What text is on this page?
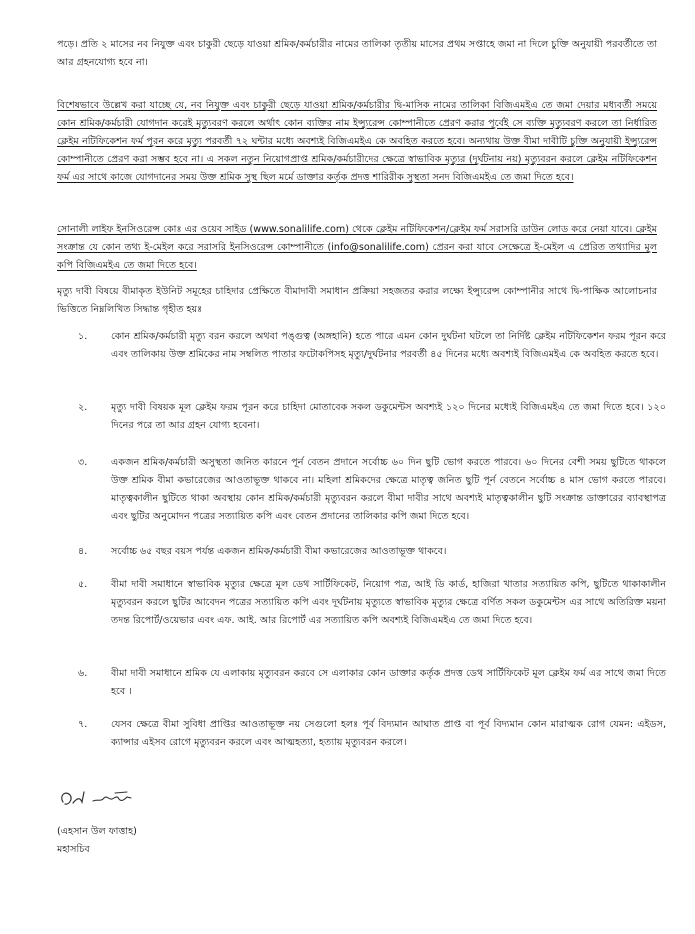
পড়ে। প্রতি ২ মাসের নব নিযুক্ত এবং চাকুরী ছেড়ে যাওয়া শ্রমিক/কর্মচারীর নামের তালিকা তৃতীয় মাসের প্রথম সপ্তাহে জমা না দিলে চুক্তি অনুযায়ী পরবর্তীতে তা আর গ্রহনযোগ্য হবে না।

বিশেষভাবে উল্লেখ করা যাচ্ছে যে, নব নিযুক্ত এবং চাকুরী ছেড়ে যাওয়া শ্রমিক/কর্মচারীর দ্বি-মাসিক নামের তালিকা বিজিএমইএ তে জমা দেয়ার মধ্যবর্তী সময়ে কোন শ্রমিক/কর্মচারী যোগদান করেই মৃত্যুবরণ করলে অর্থাৎ কোন ব্যক্তির নাম ইন্স্যুরেন্স কোম্পানীতে প্রেরণ করার পূর্বেই সে ব্যক্তি মৃত্যুবরণ করলে তা নির্ধারিত ক্লেইম নটিফিকেশন ফর্ম পূরন করে মৃত্যু পরবর্তী ৭২ ঘন্টার মধ্যে অবশ্যই বিজিএমইএ কে অবহিত করতে হবে। অন্যথায় উক্ত বীমা দাবীটি চুক্তি অনুযায়ী ইন্স্যুরেন্স কোম্পানীতে প্রেরণ করা সম্ভব হবে না। এ সকল নতুন নিয়োগপ্রাপ্ত শ্রমিক/কর্মচারীদের ক্ষেত্রে স্বাভাবিক মৃত্যুর (দূর্ঘটনায় নয়) মৃত্যুবরন করলে ক্লেইম নটিফিকেশন ফর্ম এর সাথে কাজে যোগদানের সময় উক্ত শ্রমিক সুস্থ ছিল মর্মে ডাক্তার কর্তৃক প্রদত্ত শারিরীক সুস্থতা সনদ বিজিএমইএ তে জমা দিতে হবে।

সোনালী লাইফ ইনসিওরেন্স কোঃ এর ওয়েব সাইড (www.sonalilife.com) থেকে ক্লেইম নটিফিকেশন/ক্লেইম ফর্ম সরাসরি ডাউন লোড করে নেয়া যাবে। ক্লেইম সংক্রান্ত যে কোন তথ্য ই-মেইল করে সরাসরি ইনসিওরেন্স কোম্পানীতে (info@sonalilife.com) প্রেরন করা যাবে সেক্ষেত্রে ই-মেইল এ প্রেরিত তথ্যাদির মূল কপি বিজিএমইএ তে জমা দিতে হবে।

মৃত্যু দাবী বিষয়ে বীমাকৃত ইউনিট সমূহের চাহিদার প্রেক্ষিতে বীমাদাবী সমাধান প্রক্রিয়া সহজতর করার লক্ষ্যে ইন্স্যুরেন্স কোম্পানীর সাথে দ্বি-পাক্ষিক আলোচনার ভিত্তিতে নিম্নলিখিত সিদ্ধান্ত গৃহীত হয়ঃ

১.	কোন শ্রমিক/কর্মচারী মৃত্যু বরন করলে অথবা পঙ্গুত্ব (অঙ্গহানি) হতে পারে এমন কোন দুর্ঘটনা ঘটলে তা নির্দিষ্ট ক্লেইম নটিফিকেশন ফরম পূরন করে এবং তালিকায় উক্ত শ্রমিকের নাম সম্বলিত পাতার ফটোকপিসহ মৃত্যু/দুর্ঘটনার পরবর্তী ৪৫ দিনের মধ্যে অবশ্যই বিজিএমইএ কে অবহিত করতে হবে।

২.	মৃত্যু দাবী বিষয়ক মূল ক্লেইম ফরম পূরন করে চাহিদা মোতাবেক সকল ডকুমেন্টস অবশ্যই ১২০ দিনের মধ্যেই বিজিএমইএ তে জমা দিতে হবে। ১২০ দিনের পরে তা আর গ্রহন যোগ্য হবেনা।

৩.	একজন শ্রমিক/কর্মচারী অসুস্থতা জনিত কারনে পূর্ন বেতন প্রদানে সর্বোচ্চ ৬০ দিন ছুটি ভোগ করতে পারবে। ৬০ দিনের বেশী সময় ছুটিতে থাকলে উক্ত শ্রমিক বীমা কভারেজের আওতাভূক্ত থাকবে না। মহিলা শ্রমিকদের ক্ষেত্রে মাতৃত্ব জনিত ছুটি পূর্ন বেতনে সর্বোচ্চ ৪ মাস ভোগ করতে পারবে। মাতৃত্বকালীন ছুটিতে থাকা অবস্থায় কোন শ্রমিক/কর্মচারী মৃত্যুবরন করলে বীমা দাবীর সাথে অবশ্যই মাতৃত্বকালীন ছুটি সংক্রান্ত ডাক্তারের ব্যাবস্থাপত্র এবং ছুটির অনুমোদন পত্রের সত্যায়িত কপি এবং বেতন প্রদানের তালিকার কপি জমা দিতে হবে।

৪.	সর্বোচ্চ ৬৫ বছর বয়স পর্যন্ত একজন শ্রমিক/কর্মচারী বীমা কভারেজের আওতাভূক্ত থাকবে।

৫.	বীমা দাবী সমাধানে স্বাভাবিক মৃত্যুর ক্ষেত্রে মূল ডেথ সার্টিফিকেট, নিয়োগ পত্র, আই ডি কার্ড, হাজিরা খাতার সত্যায়িত কপি, ছুটিতে থাকাকালীন মৃত্যুবরন করলে ছুটির আবেদন পত্রের সত্যায়িত কপি এবং দূর্ঘটনায় মৃত্যুতে স্বাভাবিক মৃত্যুর ক্ষেত্রে বর্ণিত সকল ডকুমেন্টস এর সাথে অতিরিক্ত ময়না তদন্ত রিপোর্ট/ওয়েভার এবং এফ. আই. আর রিপোর্ট এর সত্যায়িত কপি অবশ্যই বিজিএমইএ তে জমা দিতে হবে।

৬.	বীমা দাবী সমাধানে শ্রমিক যে এলাকায় মৃত্যুবরন করবে সে এলাকার কোন ডাক্তার কর্তৃক প্রদত্ত ডেথ সার্টিফিকেট মূল ক্লেইম ফর্ম এর সাথে জমা দিতে হবে ।

৭.	যেসব ক্ষেত্রে বীমা সুবিধা প্রাপ্তির আওতাভূক্ত নয় সেগুলো হলঃ পূর্ব বিদ্যমান আঘাত প্রাপ্ত বা পূর্ব বিদ্যমান কোন মারাত্মক রোগ যেমন: এইডস, ক্যান্সার এইসব রোগে মৃত্যুবরন করলে এবং আত্মহত্যা, হত্যায় মৃত্যুবরন করলে।

(এহসান উল ফাত্তাহ)

মহাসচিব
